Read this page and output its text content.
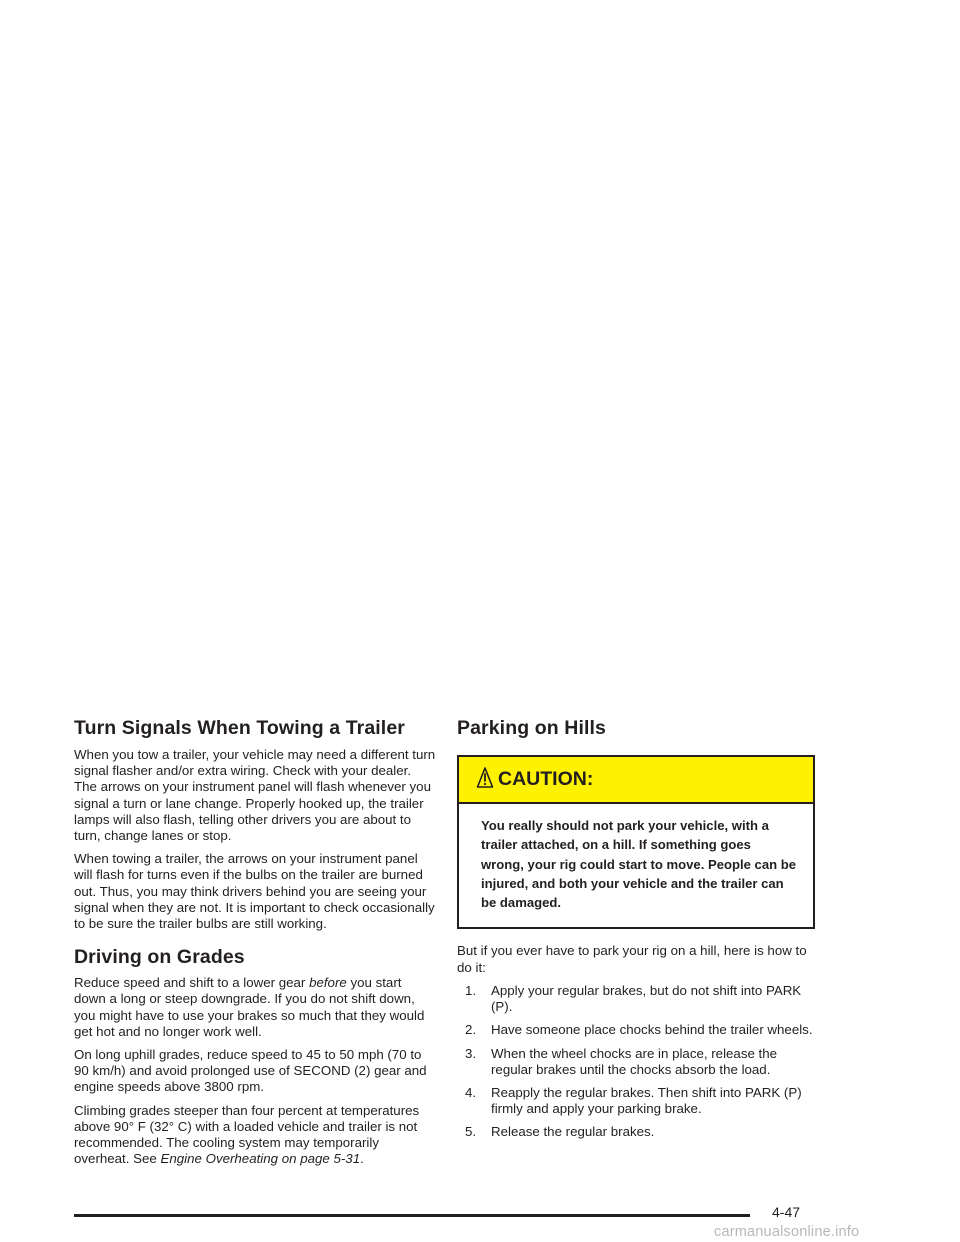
Turn Signals When Towing a Trailer

When you tow a trailer, your vehicle may need a different turn signal flasher and/or extra wiring. Check with your dealer. The arrows on your instrument panel will flash whenever you signal a turn or lane change. Properly hooked up, the trailer lamps will also flash, telling other drivers you are about to turn, change lanes or stop.

When towing a trailer, the arrows on your instrument panel will flash for turns even if the bulbs on the trailer are burned out. Thus, you may think drivers behind you are seeing your signal when they are not. It is important to check occasionally to be sure the trailer bulbs are still working.

Driving on Grades

Reduce speed and shift to a lower gear before you start down a long or steep downgrade. If you do not shift down, you might have to use your brakes so much that they would get hot and no longer work well.

On long uphill grades, reduce speed to 45 to 50 mph (70 to 90 km/h) and avoid prolonged use of SECOND (2) gear and engine speeds above 3800 rpm.

Climbing grades steeper than four percent at temperatures above 90° F (32° C) with a loaded vehicle and trailer is not recommended. The cooling system may temporarily overheat. See Engine Overheating on page 5-31.

Parking on Hills
CAUTION:
You really should not park your vehicle, with a trailer attached, on a hill. If something goes wrong, your rig could start to move. People can be injured, and both your vehicle and the trailer can be damaged.

But if you ever have to park your rig on a hill, here is how to do it:

1. Apply your regular brakes, but do not shift into PARK (P).
2. Have someone place chocks behind the trailer wheels.
3. When the wheel chocks are in place, release the regular brakes until the chocks absorb the load.
4. Reapply the regular brakes. Then shift into PARK (P) firmly and apply your parking brake.
5. Release the regular brakes.
4-47
carmanualsonline.info
